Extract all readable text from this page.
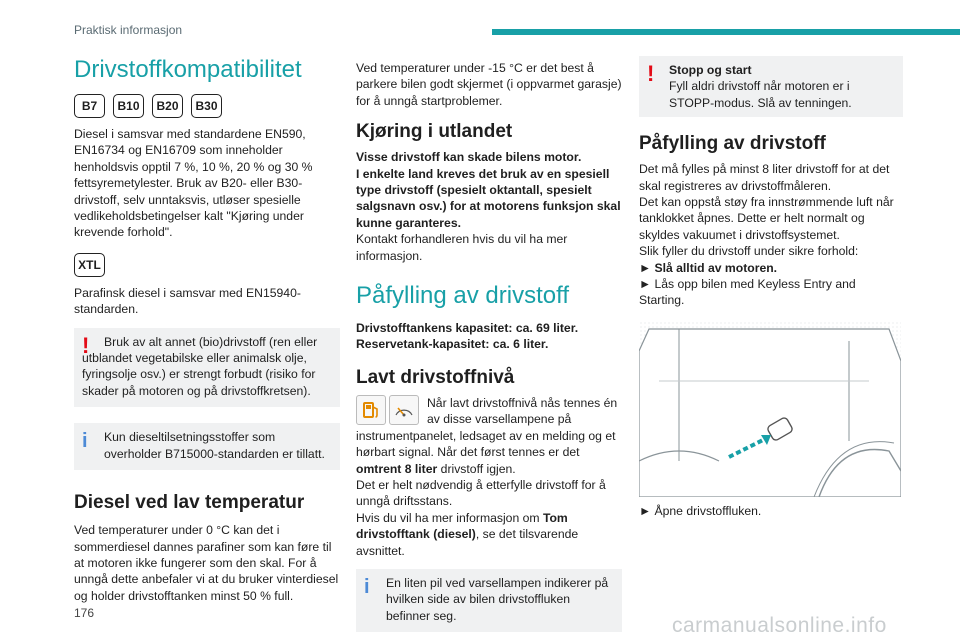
Praktisk informasjon
Drivstoffkompatibilitet
B7	B10	B20	B30

Diesel i samsvar med standardene EN590, EN16734 og EN16709 som inneholder henholdsvis opptil 7 %, 10 %, 20 % og 30 % fettsyremetylester. Bruk av B20- eller B30-drivstoff, selv unntaksvis, utløser spesielle vedlikeholdsbetingelser kalt "Kjøring under krevende forhold".

XTL

Parafinsk diesel i samsvar med EN15940-standarden.

!	Bruk av alt annet (bio)drivstoff (ren eller

utblandet vegetabilske eller animalsk olje, fyringsolje osv.) er strengt forbudt (risiko for skader på motoren og på drivstoffkretsen).

i	Kun dieseltilsetningsstoffer som

overholder B715000-standarden er tillatt.

Diesel ved lav temperatur

Ved temperaturer under 0 °C kan det i sommerdiesel dannes parafiner som kan føre til at motoren ikke fungerer som den skal. For å unngå dette anbefaler vi at du bruker vinterdiesel og holder drivstofftanken minst 50 % full.

Ved temperaturer under -15 °C er det best å parkere bilen godt skjermet (i oppvarmet garasje) for å unngå startproblemer.

Kjøring i utlandet

Visse drivstoff kan skade bilens motor.

I enkelte land kreves det bruk av en spesiell type drivstoff (spesielt oktantall, spesielt salgsnavn osv.) for at motorens funksjon skal kunne garanteres.

Kontakt forhandleren hvis du vil ha mer informasjon.

Påfylling av drivstoff

Drivstofftankens kapasitet: ca. 69 liter.

Reservetank-kapasitet: ca. 6 liter.

Lavt drivstoffnivå

Når lavt drivstoffnivå nås tennes én av disse varsellampene på instrumentpanelet, ledsaget av en melding og et hørbart signal. Når det først tennes er det omtrent 8 liter drivstoff igjen.

Det er helt nødvendig å etterfylle drivstoff for å unngå driftsstans.

Hvis du vil ha mer informasjon om Tom drivstofftank (diesel), se det tilsvarende avsnittet.

i	En liten pil ved varsellampen indikerer på

hvilken side av bilen drivstoffluken befinner seg.

!	Stopp og start

Fyll aldri drivstoff når motoren er i STOPP-modus. Slå av tenningen.

Påfylling av drivstoff

Det må fylles på minst 8 liter drivstoff for at det skal registreres av drivstoffmåleren.

Det kan oppstå støy fra innstrømmende luft når tanklokket åpnes. Dette er helt normalt og skyldes vakuumet i drivstoffsystemet.

Slik fyller du drivstoff under sikre forhold:

► Slå alltid av motoren.

► Lås opp bilen med Keyless Entry and Starting.

► Åpne drivstoffluken.

176
carmanualsonline.info
